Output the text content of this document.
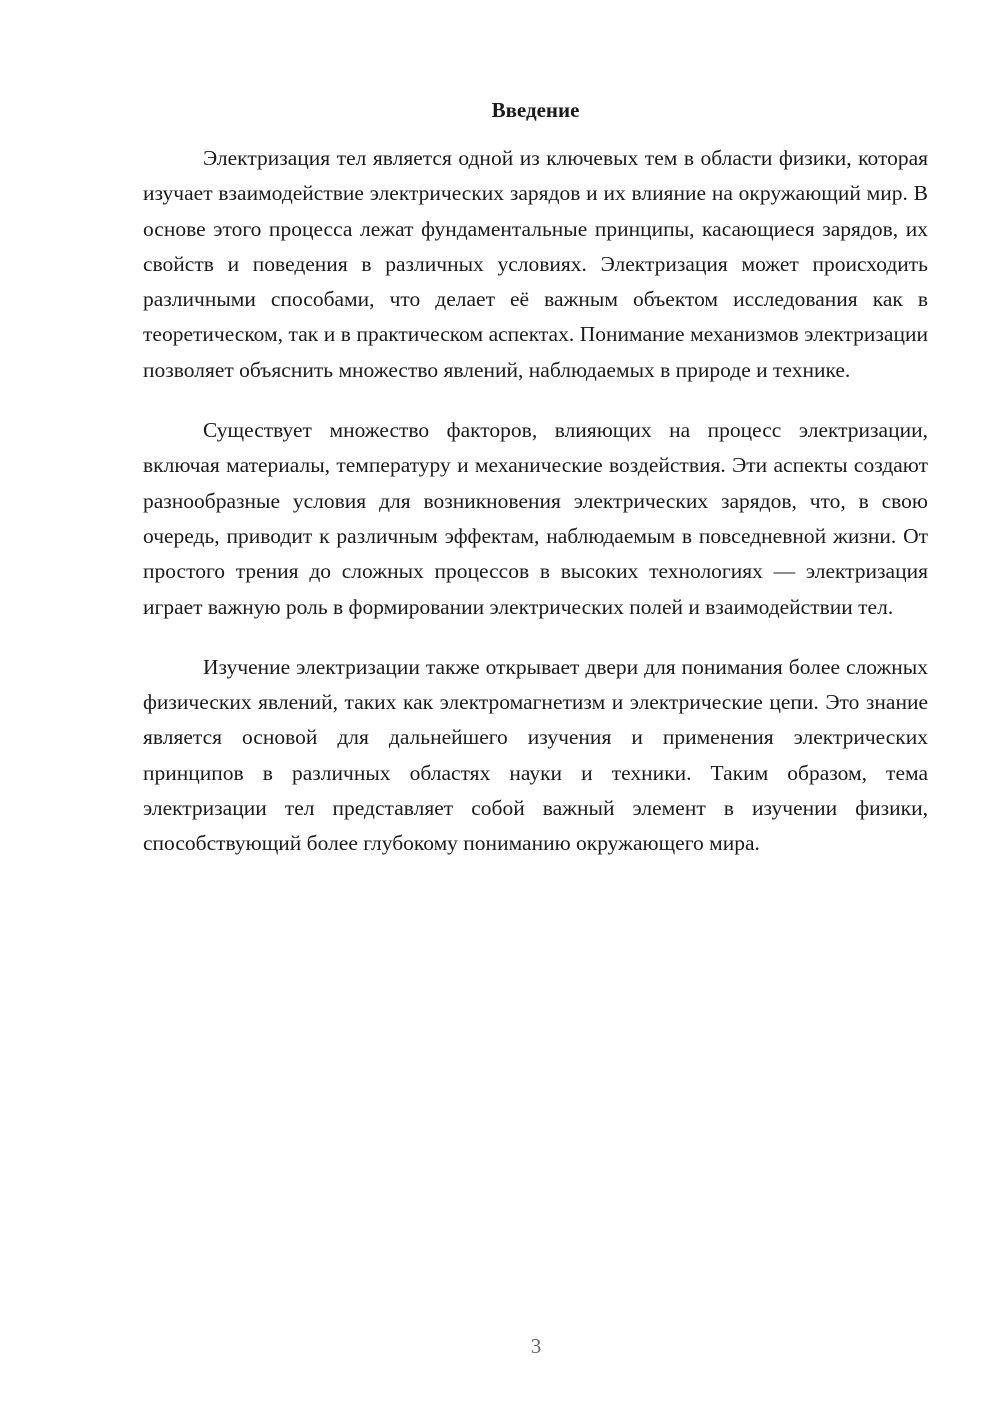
Введение

Электризация тел является одной из ключевых тем в области физики, которая изучает взаимодействие электрических зарядов и их влияние на окружающий мир. В основе этого процесса лежат фундаментальные принципы, касающиеся зарядов, их свойств и поведения в различных условиях. Электризация может происходить различными способами, что делает её важным объектом исследования как в теоретическом, так и в практическом аспектах. Понимание механизмов электризации позволяет объяснить множество явлений, наблюдаемых в природе и технике.

Существует множество факторов, влияющих на процесс электризации, включая материалы, температуру и механические воздействия. Эти аспекты создают разнообразные условия для возникновения электрических зарядов, что, в свою очередь, приводит к различным эффектам, наблюдаемым в повседневной жизни. От простого трения до сложных процессов в высоких технологиях — электризация играет важную роль в формировании электрических полей и взаимодействии тел.

Изучение электризации также открывает двери для понимания более сложных физических явлений, таких как электромагнетизм и электрические цепи. Это знание является основой для дальнейшего изучения и применения электрических принципов в различных областях науки и техники. Таким образом, тема электризации тел представляет собой важный элемент в изучении физики, способствующий более глубокому пониманию окружающего мира.

3
